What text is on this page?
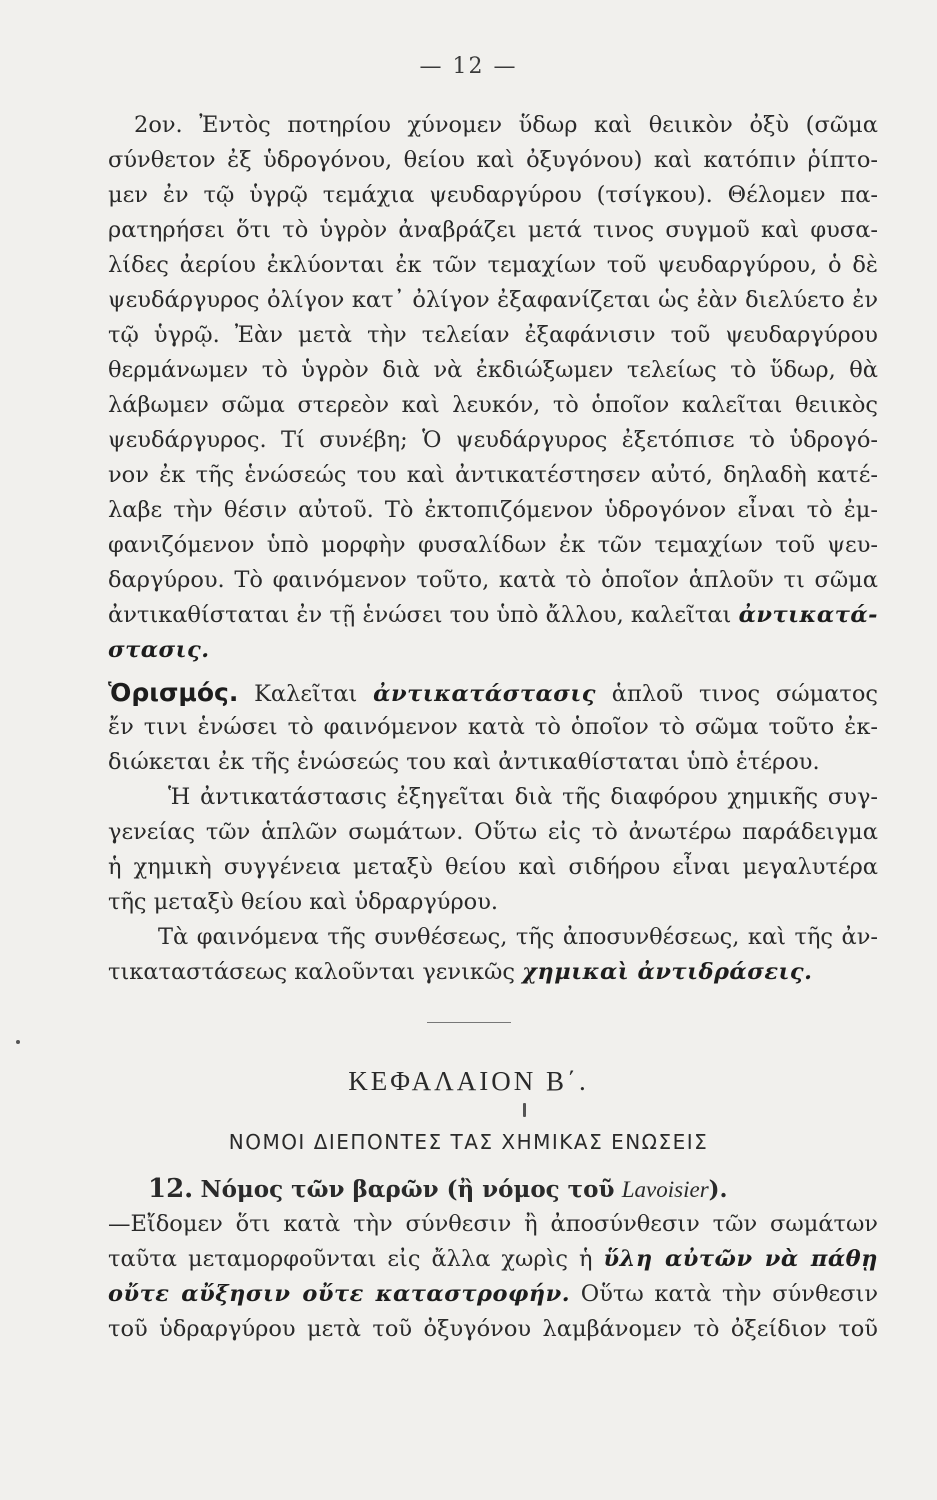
— 12 —
2ον. Ἐντὸς ποτηρίου χύνομεν ὕδωρ καὶ θειικὸν ὀξὺ (σῶμα
σύνθετον ἐξ ὑδρογόνου, θείου καὶ ὀξυγόνου) καὶ κατόπιν ῥίπτο-
μεν ἐν τῷ ὑγρῷ τεμάχια ψευδαργύρου (τσίγκου). Θέλομεν πα-
ρατηρήσει ὅτι τὸ ὑγρὸν ἀναβράζει μετά τινος συγμοῦ καὶ φυσα-
λίδες ἀερίου ἐκλύονται ἐκ τῶν τεμαχίων τοῦ ψευδαργύρου, ὁ δὲ
ψευδάργυρος ὀλίγον κατ᾽ ὀλίγον ἐξαφανίζεται ὡς ἐὰν διελύετο ἐν
τῷ ὑγρῷ. Ἐὰν μετὰ τὴν τελείαν ἐξαφάνισιν τοῦ ψευδαργύρου
θερμάνωμεν τὸ ὑγρὸν διὰ νὰ ἐκδιώξωμεν τελείως τὸ ὕδωρ, θὰ
λάβωμεν σῶμα στερεὸν καὶ λευκόν, τὸ ὁποῖον καλεῖται θειικὸς
ψευδάργυρος. Τί συνέβη; Ὁ ψευδάργυρος ἐξετόπισε τὸ ὑδρογό-
νον ἐκ τῆς ἑνώσεώς του καὶ ἀντικατέστησεν αὐτό, δηλαδὴ κατέ-
λαβε τὴν θέσιν αὐτοῦ. Τὸ ἐκτοπιζόμενον ὑδρογόνον εἶναι τὸ ἐμ-
φανιζόμενον ὑπὸ μορφὴν φυσαλίδων ἐκ τῶν τεμαχίων τοῦ ψευ-
δαργύρου. Τὸ φαινόμενον τοῦτο, κατὰ τὸ ὁποῖον ἁπλοῦν τι σῶμα
ἀντικαθίσταται ἐν τῇ ἑνώσει του ὑπὸ ἄλλου, καλεῖται ἀντικατά-
στασις.
Ὁρισμός. Καλεῖται ἀντικατάστασις ἁπλοῦ τινος σώματος
ἔν τινι ἑνώσει τὸ φαινόμενον κατὰ τὸ ὁποῖον τὸ σῶμα τοῦτο ἐκ-
διώκεται ἐκ τῆς ἑνώσεώς του καὶ ἀντικαθίσταται ὑπὸ ἑτέρου.
Ἡ ἀντικατάστασις ἐξηγεῖται διὰ τῆς διαφόρου χημικῆς συγ-
γενείας τῶν ἁπλῶν σωμάτων. Οὕτω εἰς τὸ ἀνωτέρω παράδειγμα
ἡ χημικὴ συγγένεια μεταξὺ θείου καὶ σιδήρου εἶναι μεγαλυτέρα
τῆς μεταξὺ θείου καὶ ὑδραργύρου.
Τὰ φαινόμενα τῆς συνθέσεως, τῆς ἀποσυνθέσεως, καὶ τῆς ἀν-
τικαταστάσεως καλοῦνται γενικῶς χημικαὶ ἀντιδράσεις.
ΚΕΦΑΛΑΙΟΝ Β΄.
ΝΟΜΟΙ ΔΙΕΠΟΝΤΕΣ ΤΑΣ ΧΗΜΙΚΑΣ ΕΝΩΣΕΙΣ
12. Νόμος τῶν βαρῶν (ἢ νόμος τοῦ Lavoisier).
—Εἴδομεν ὅτι κατὰ τὴν σύνθεσιν ἢ ἀποσύνθεσιν τῶν σωμάτων
ταῦτα μεταμορφοῦνται εἰς ἄλλα χωρὶς ἡ ὕλη αὐτῶν νὰ πάθῃ
οὔτε αὔξησιν οὔτε καταστροφήν. Οὕτω κατὰ τὴν σύνθεσιν
τοῦ ὑδραργύρου μετὰ τοῦ ὀξυγόνου λαμβάνομεν τὸ ὀξείδιον τοῦ
